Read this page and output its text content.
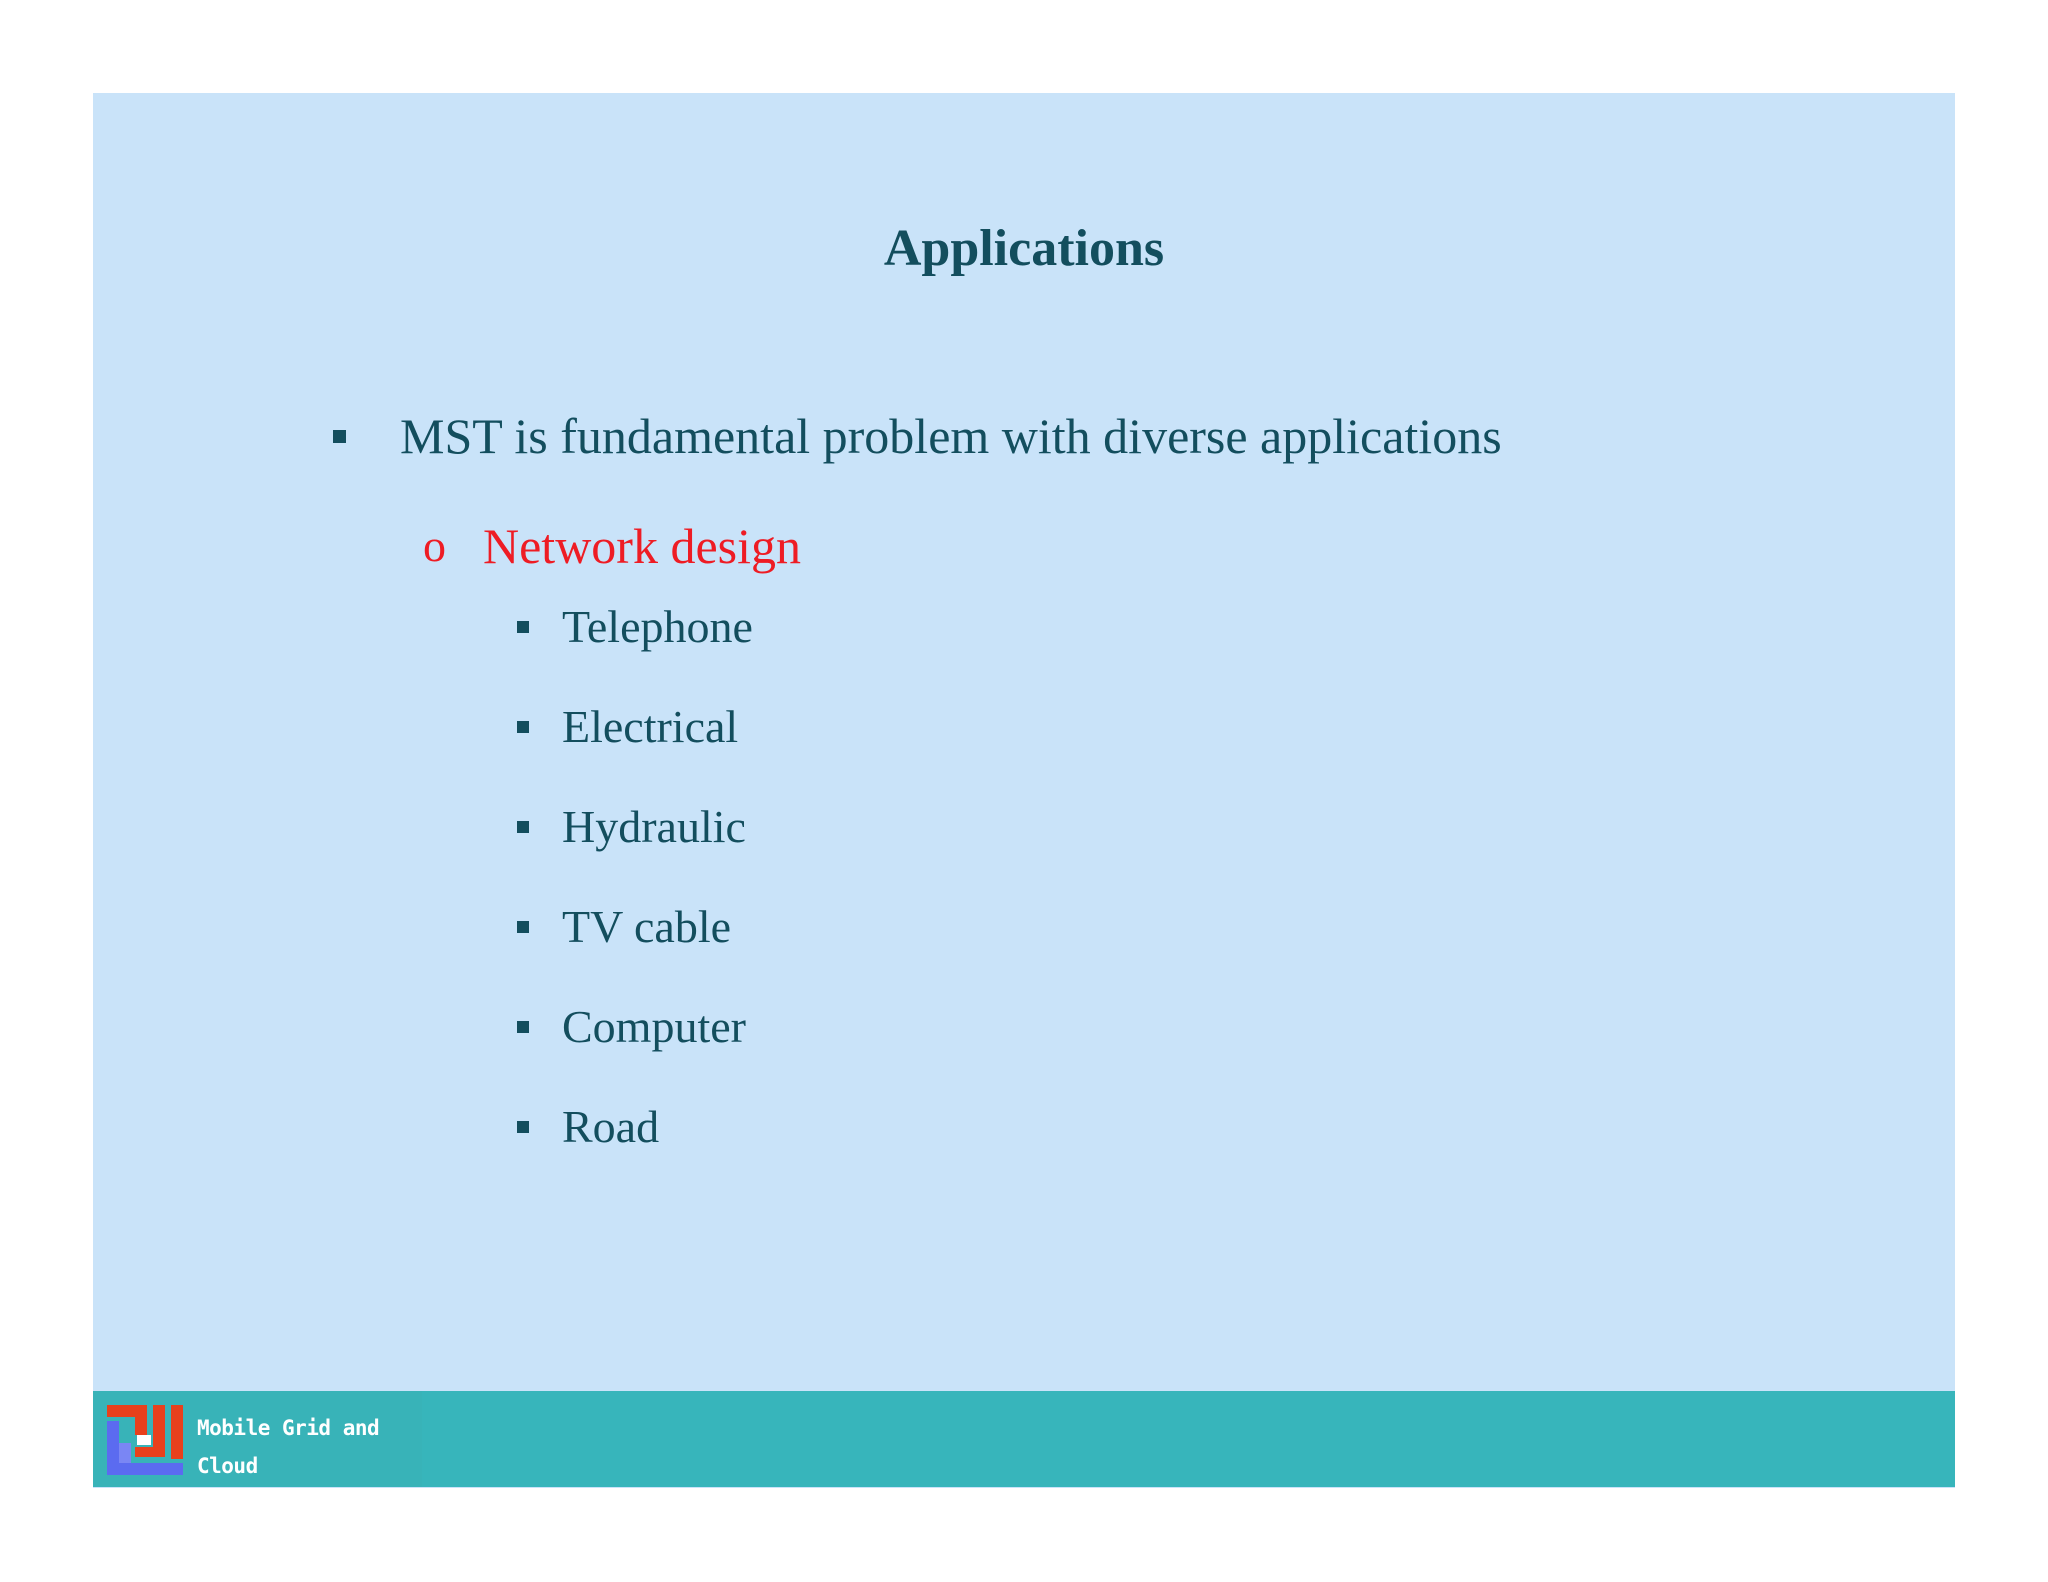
Applications
MST is fundamental problem with diverse applications
o Network design
Telephone
Electrical
Hydraulic
TV cable
Computer
Road
Mobile Grid and Cloud
Computing Laboratory
